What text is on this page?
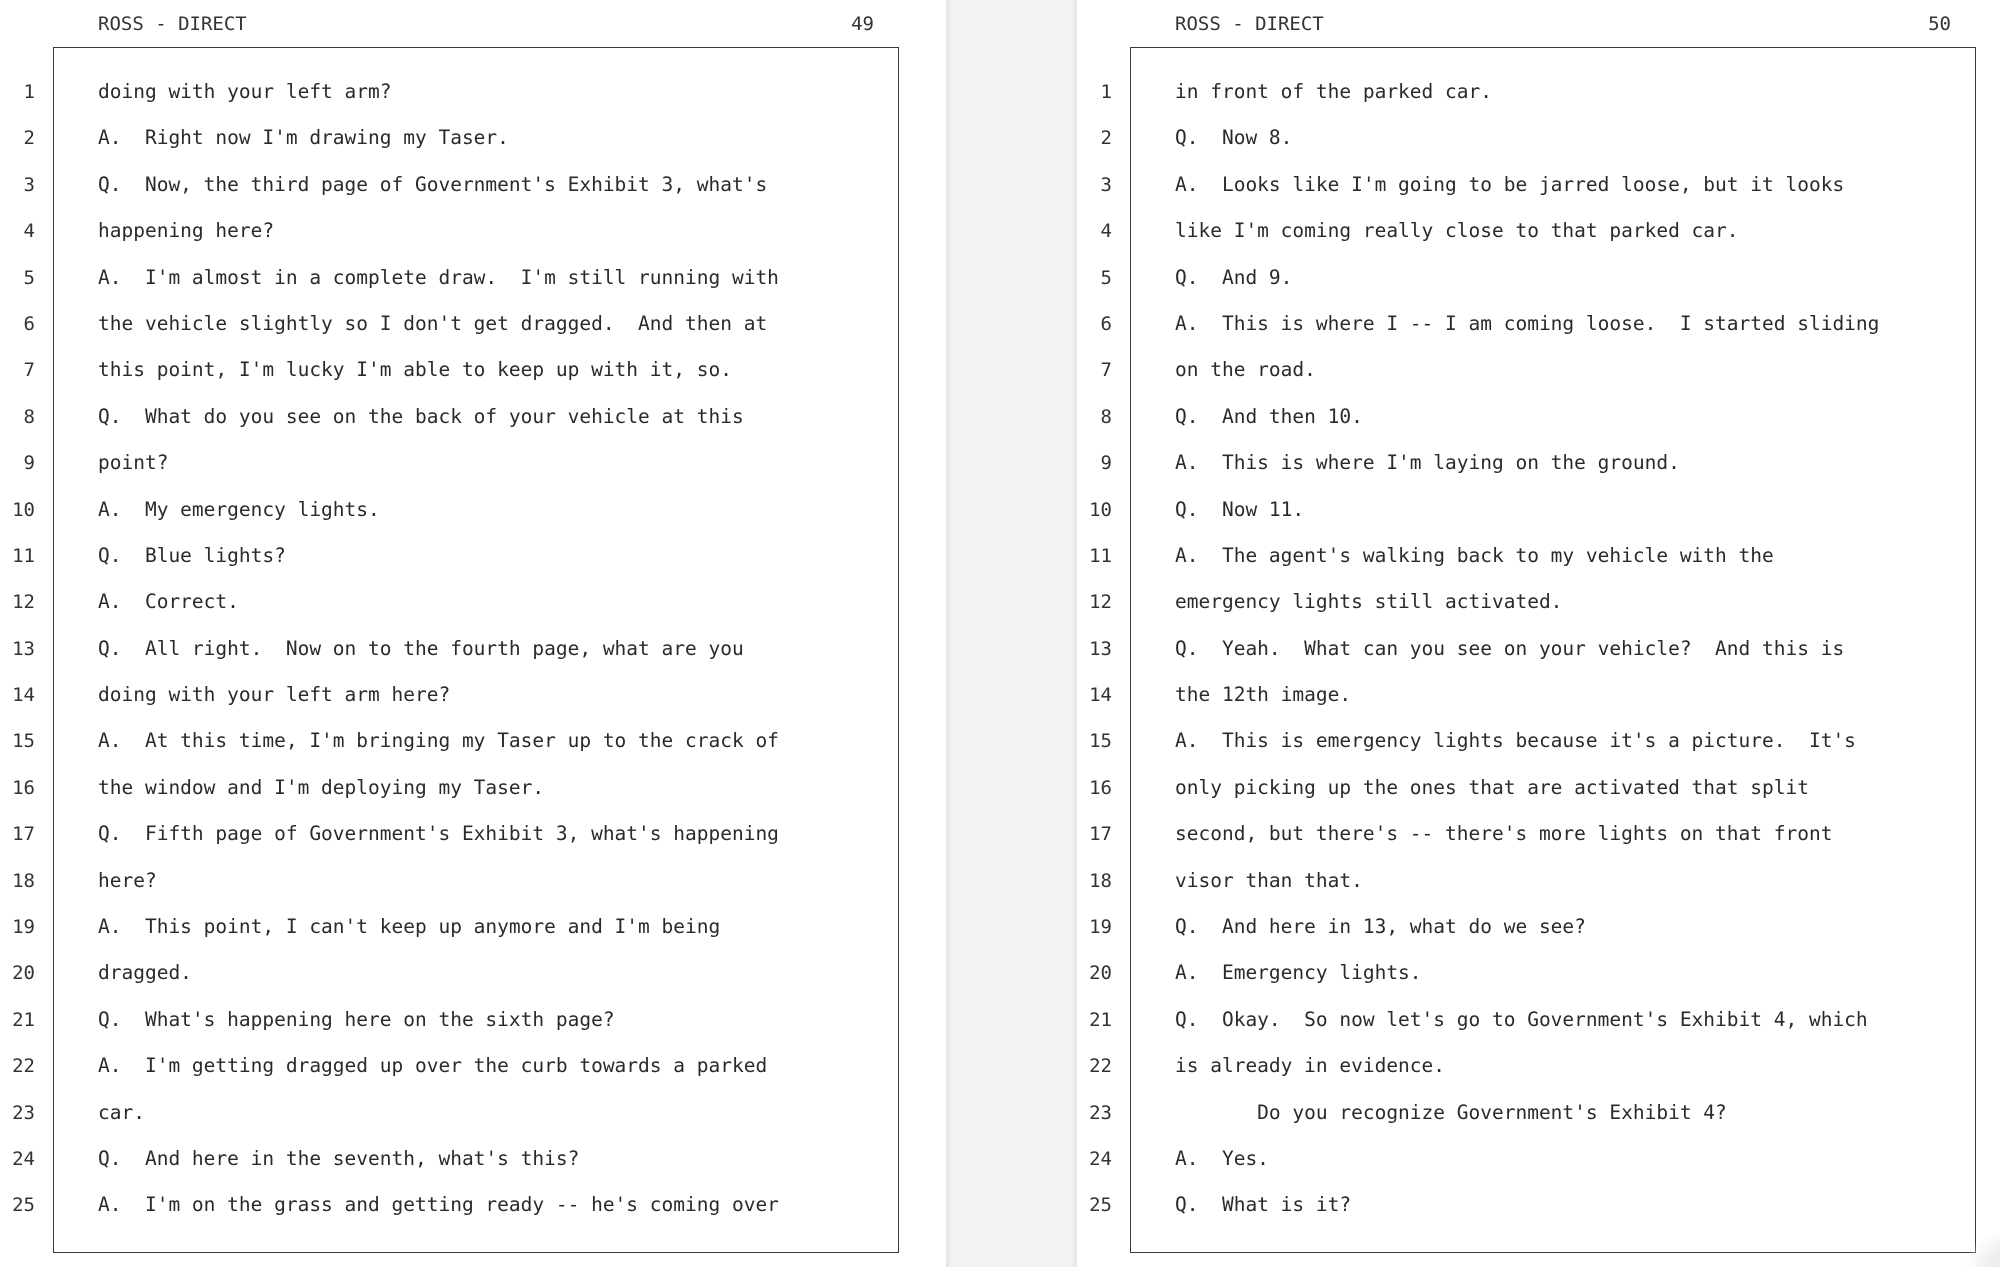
ROSS - DIRECT	49
1	doing with your left arm?
2	A.  Right now I'm drawing my Taser.
3	Q.  Now, the third page of Government's Exhibit 3, what's
4	happening here?
5	A.  I'm almost in a complete draw.  I'm still running with
6	the vehicle slightly so I don't get dragged.  And then at
7	this point, I'm lucky I'm able to keep up with it, so.
8	Q.  What do you see on the back of your vehicle at this
9	point?
10	A.  My emergency lights.
11	Q.  Blue lights?
12	A.  Correct.
13	Q.  All right.  Now on to the fourth page, what are you
14	doing with your left arm here?
15	A.  At this time, I'm bringing my Taser up to the crack of
16	the window and I'm deploying my Taser.
17	Q.  Fifth page of Government's Exhibit 3, what's happening
18	here?
19	A.  This point, I can't keep up anymore and I'm being
20	dragged.
21	Q.  What's happening here on the sixth page?
22	A.  I'm getting dragged up over the curb towards a parked
23	car.
24	Q.  And here in the seventh, what's this?
25	A.  I'm on the grass and getting ready -- he's coming over
ROSS - DIRECT	50
1	in front of the parked car.
2	Q.  Now 8.
3	A.  Looks like I'm going to be jarred loose, but it looks
4	like I'm coming really close to that parked car.
5	Q.  And 9.
6	A.  This is where I -- I am coming loose.  I started sliding
7	on the road.
8	Q.  And then 10.
9	A.  This is where I'm laying on the ground.
10	Q.  Now 11.
11	A.  The agent's walking back to my vehicle with the
12	emergency lights still activated.
13	Q.  Yeah.  What can you see on your vehicle?  And this is
14	the 12th image.
15	A.  This is emergency lights because it's a picture.  It's
16	only picking up the ones that are activated that split
17	second, but there's -- there's more lights on that front
18	visor than that.
19	Q.  And here in 13, what do we see?
20	A.  Emergency lights.
21	Q.  Okay.  So now let's go to Government's Exhibit 4, which
22	is already in evidence.
23	Do you recognize Government's Exhibit 4?
24	A.  Yes.
25	Q.  What is it?
